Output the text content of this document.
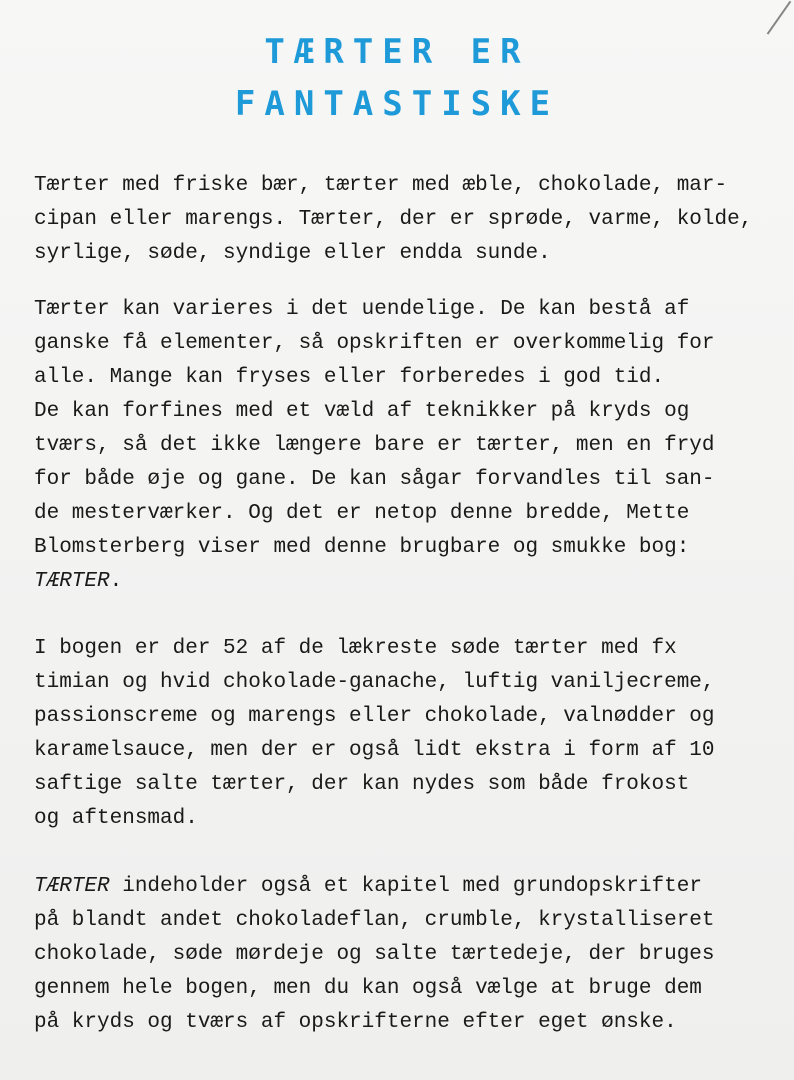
TÆRTER ER
FANTASTISKE

Tærter med friske bær, tærter med æble, chokolade, mar-
cipan eller marengs. Tærter, der er sprøde, varme, kolde,
syrlige, søde, syndige eller endda sunde.

Tærter kan varieres i det uendelige. De kan bestå af
ganske få elementer, så opskriften er overkommelig for
alle. Mange kan fryses eller forberedes i god tid.
De kan forfines med et væld af teknikker på kryds og
tværs, så det ikke længere bare er tærter, men en fryd
for både øje og gane. De kan sågar forvandles til san-
de mesterværker. Og det er netop denne bredde, Mette
Blomsterberg viser med denne brugbare og smukke bog:
TÆRTER.

I bogen er der 52 af de lækreste søde tærter med fx
timian og hvid chokolade-ganache, luftig vaniljecreme,
passionscreme og marengs eller chokolade, valnødder og
karamelsauce, men der er også lidt ekstra i form af 10
saftige salte tærter, der kan nydes som både frokost
og aftensmad.

TÆRTER indeholder også et kapitel med grundopskrifter
på blandt andet chokoladeflan, crumble, krystalliseret
chokolade, søde mørdeje og salte tærtedeje, der bruges
gennem hele bogen, men du kan også vælge at bruge dem
på kryds og tværs af opskrifterne efter eget ønske.
